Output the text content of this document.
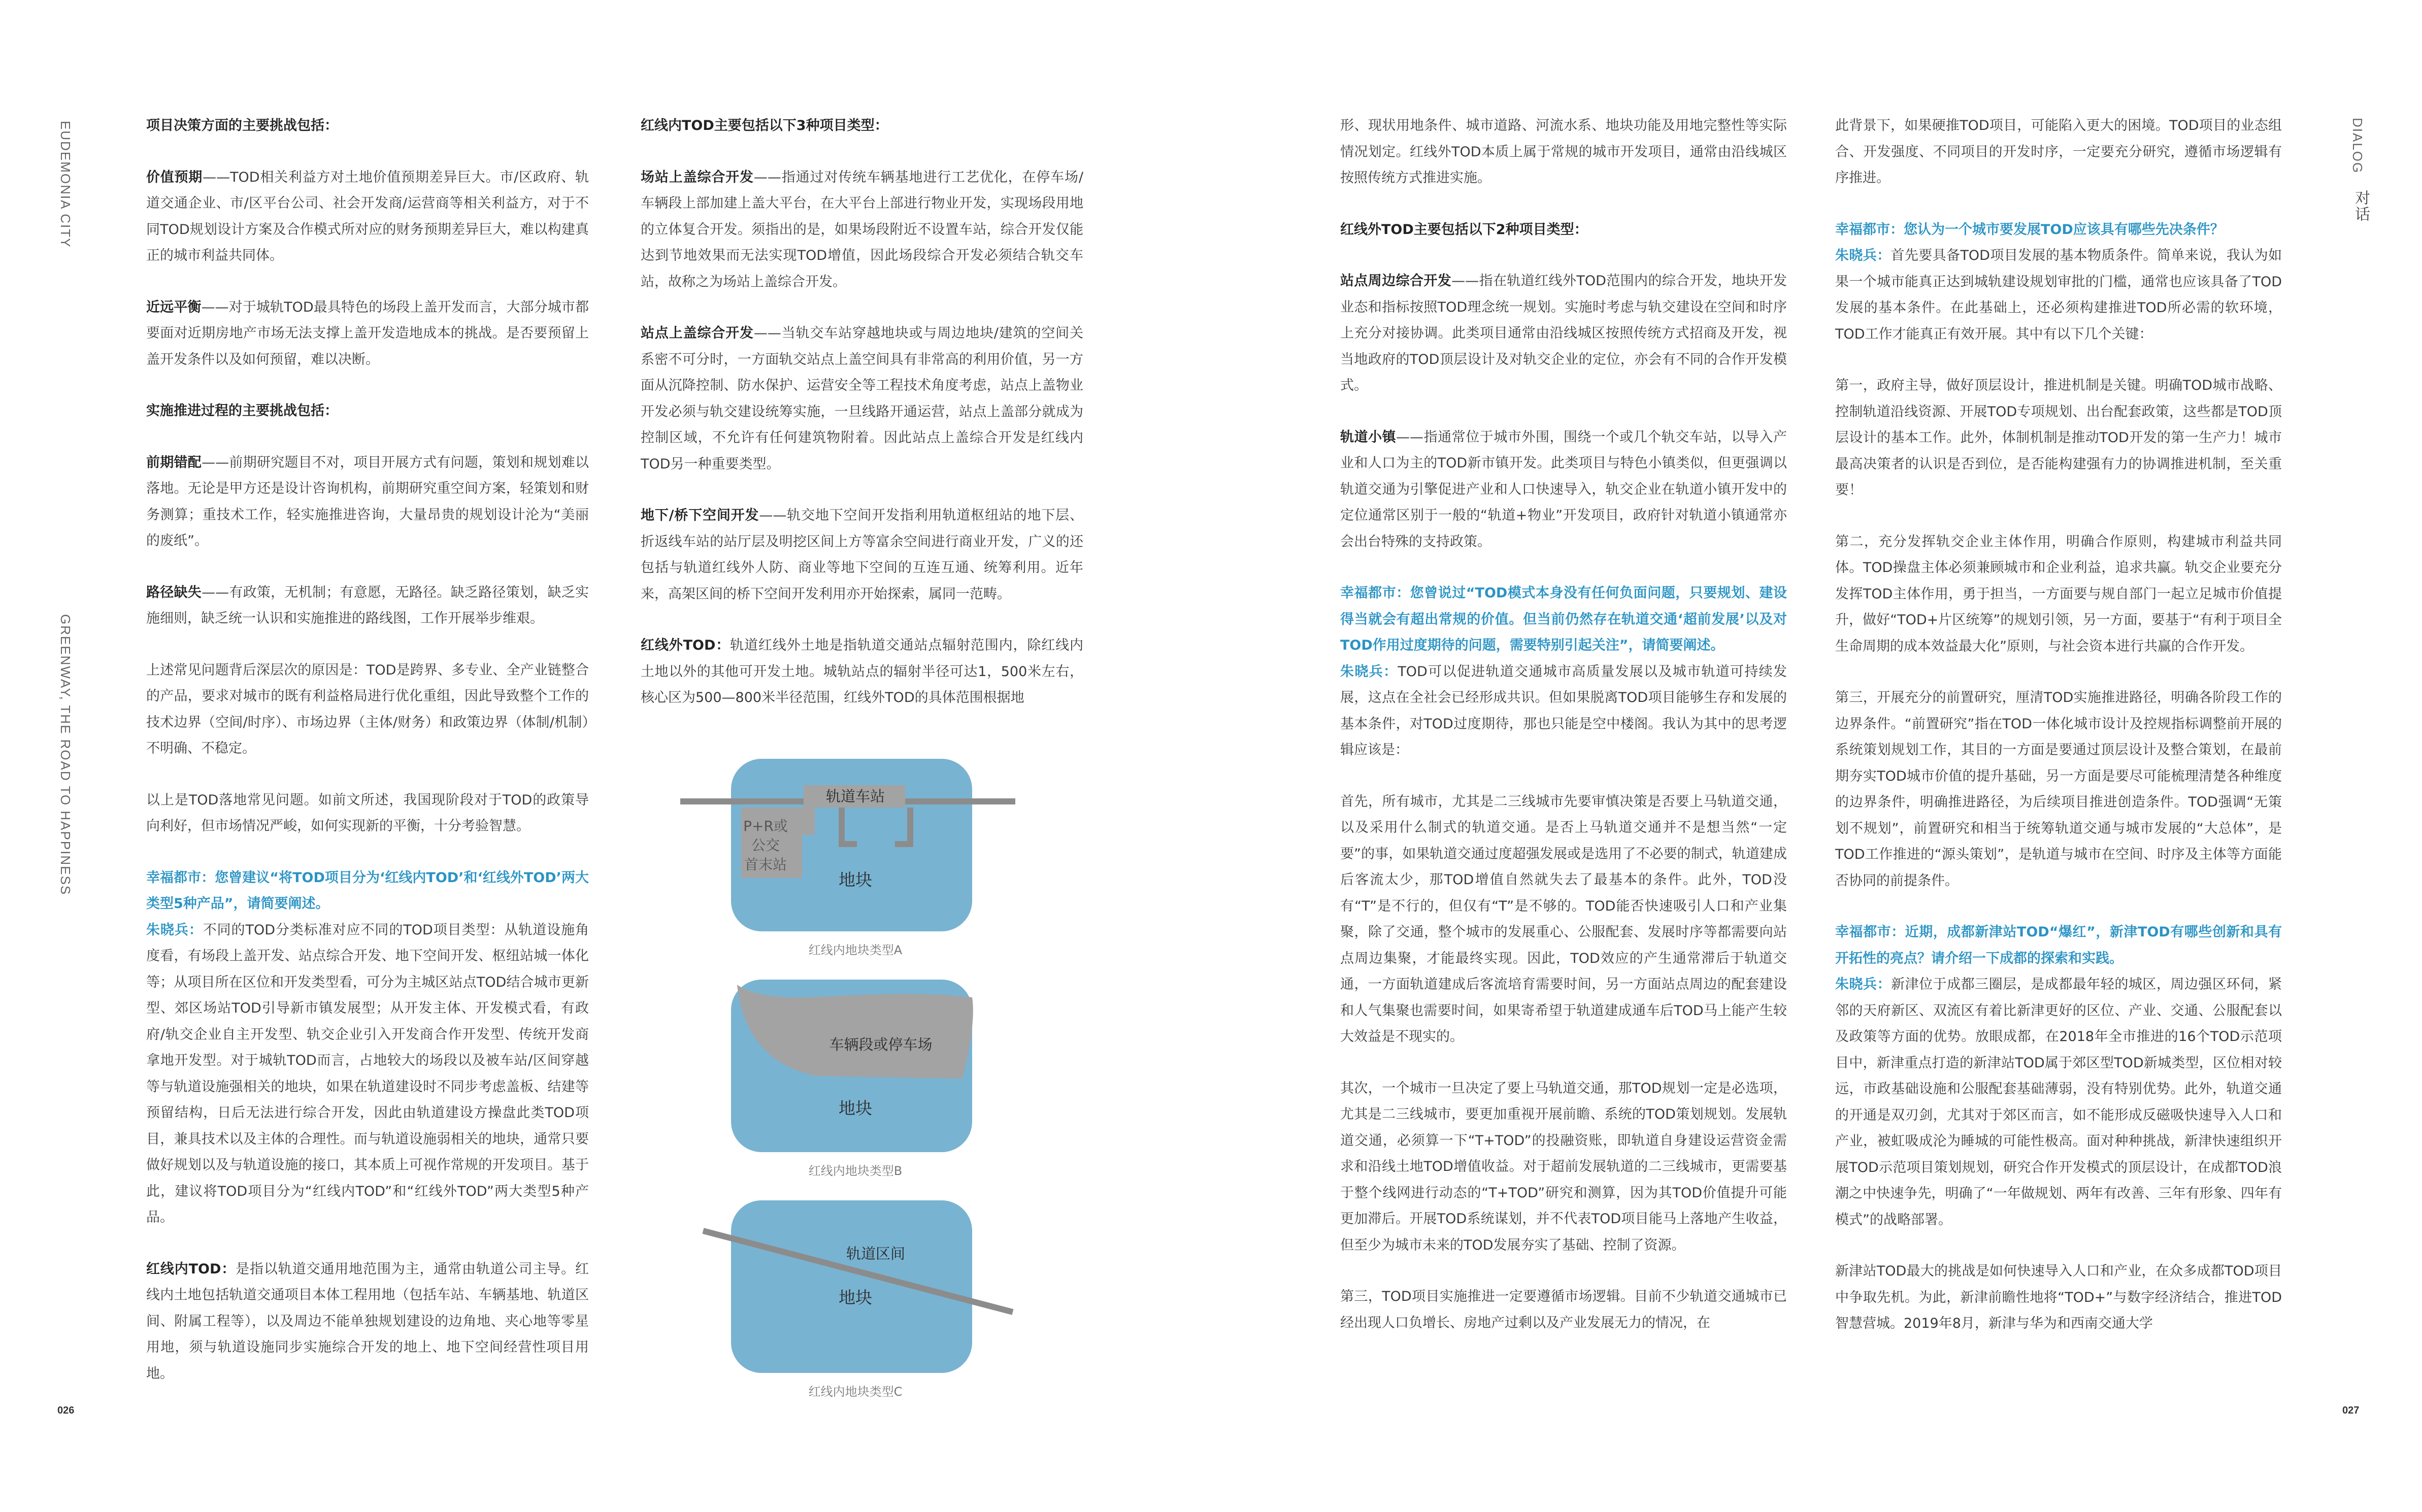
EUDEMONIA CITY
GREENWAY, THE ROAD TO HAPPINESS
DIALOG
对话
026	027

项目决策方面的主要挑战包括：

价值预期——TOD相关利益方对土地价值预期差异巨大。市/区政府、轨道交通企业、市/区平台公司、社会开发商/运营商等相关利益方，对于不同TOD规划设计方案及合作模式所对应的财务预期差异巨大，难以构建真正的城市利益共同体。

近远平衡——对于城轨TOD最具特色的场段上盖开发而言，大部分城市都要面对近期房地产市场无法支撑上盖开发造地成本的挑战。是否要预留上盖开发条件以及如何预留，难以决断。

实施推进过程的主要挑战包括：

前期错配——前期研究题目不对，项目开展方式有问题，策划和规划难以落地。无论是甲方还是设计咨询机构，前期研究重空间方案，轻策划和财务测算；重技术工作，轻实施推进咨询，大量昂贵的规划设计沦为“美丽的废纸”。

路径缺失——有政策，无机制；有意愿，无路径。缺乏路径策划，缺乏实施细则，缺乏统一认识和实施推进的路线图，工作开展举步维艰。

上述常见问题背后深层次的原因是：TOD是跨界、多专业、全产业链整合的产品，要求对城市的既有利益格局进行优化重组，因此导致整个工作的技术边界（空间/时序）、市场边界（主体/财务）和政策边界（体制/机制）不明确、不稳定。

以上是TOD落地常见问题。如前文所述，我国现阶段对于TOD的政策导向利好，但市场情况严峻，如何实现新的平衡，十分考验智慧。

幸福都市：您曾建议“将TOD项目分为‘红线内TOD’和‘红线外TOD’两大类型5种产品”，请简要阐述。

朱晓兵：不同的TOD分类标准对应不同的TOD项目类型：从轨道设施角度看，有场段上盖开发、站点综合开发、地下空间开发、枢纽站城一体化等；从项目所在区位和开发类型看，可分为主城区站点TOD结合城市更新型、郊区场站TOD引导新市镇发展型；从开发主体、开发模式看，有政府/轨交企业自主开发型、轨交企业引入开发商合作开发型、传统开发商拿地开发型。对于城轨TOD而言，占地较大的场段以及被车站/区间穿越等与轨道设施强相关的地块，如果在轨道建设时不同步考虑盖板、结建等预留结构，日后无法进行综合开发，因此由轨道建设方操盘此类TOD项目，兼具技术以及主体的合理性。而与轨道设施弱相关的地块，通常只要做好规划以及与轨道设施的接口，其本质上可视作常规的开发项目。基于此，建议将TOD项目分为“红线内TOD”和“红线外TOD”两大类型5种产品。

红线内TOD：是指以轨道交通用地范围为主，通常由轨道公司主导。红线内土地包括轨道交通项目本体工程用地（包括车站、车辆基地、轨道区间、附属工程等），以及周边不能单独规划建设的边角地、夹心地等零星用地，须与轨道设施同步实施综合开发的地上、地下空间经营性项目用地。

红线内TOD主要包括以下3种项目类型：

场站上盖综合开发——指通过对传统车辆基地进行工艺优化，在停车场/车辆段上部加建上盖大平台，在大平台上部进行物业开发，实现场段用地的立体复合开发。须指出的是，如果场段附近不设置车站，综合开发仅能达到节地效果而无法实现TOD增值，因此场段综合开发必须结合轨交车站，故称之为场站上盖综合开发。

站点上盖综合开发——当轨交车站穿越地块或与周边地块/建筑的空间关系密不可分时，一方面轨交站点上盖空间具有非常高的利用价值，另一方面从沉降控制、防水保护、运营安全等工程技术角度考虑，站点上盖物业开发必须与轨交建设统筹实施，一旦线路开通运营，站点上盖部分就成为控制区域，不允许有任何建筑物附着。因此站点上盖综合开发是红线内TOD另一种重要类型。

地下/桥下空间开发——轨交地下空间开发指利用轨道枢纽站的地下层、折返线车站的站厅层及明挖区间上方等富余空间进行商业开发，广义的还包括与轨道红线外人防、商业等地下空间的互连互通、统筹利用。近年来，高架区间的桥下空间开发利用亦开始探索，属同一范畴。

红线外TOD：轨道红线外土地是指轨道交通站点辐射范围内，除红线内土地以外的其他可开发土地。城轨站点的辐射半径可达1，500米左右，核心区为500—800米半径范围，红线外TOD的具体范围根据地

轨道车站
P+R或
公交
首末站
地块
红线内地块类型A
车辆段或停车场
地块
红线内地块类型B
轨道区间
地块
红线内地块类型C

形、现状用地条件、城市道路、河流水系、地块功能及用地完整性等实际情况划定。红线外TOD本质上属于常规的城市开发项目，通常由沿线城区按照传统方式推进实施。

红线外TOD主要包括以下2种项目类型：

站点周边综合开发——指在轨道红线外TOD范围内的综合开发，地块开发业态和指标按照TOD理念统一规划。实施时考虑与轨交建设在空间和时序上充分对接协调。此类项目通常由沿线城区按照传统方式招商及开发，视当地政府的TOD顶层设计及对轨交企业的定位，亦会有不同的合作开发模式。

轨道小镇——指通常位于城市外围，围绕一个或几个轨交车站，以导入产业和人口为主的TOD新市镇开发。此类项目与特色小镇类似，但更强调以轨道交通为引擎促进产业和人口快速导入，轨交企业在轨道小镇开发中的定位通常区别于一般的“轨道+物业”开发项目，政府针对轨道小镇通常亦会出台特殊的支持政策。

幸福都市：您曾说过“TOD模式本身没有任何负面问题，只要规划、建设得当就会有超出常规的价值。但当前仍然存在轨道交通‘超前发展’以及对TOD作用过度期待的问题，需要特别引起关注”，请简要阐述。

朱晓兵：TOD可以促进轨道交通城市高质量发展以及城市轨道可持续发展，这点在全社会已经形成共识。但如果脱离TOD项目能够生存和发展的基本条件，对TOD过度期待，那也只能是空中楼阁。我认为其中的思考逻辑应该是：

首先，所有城市，尤其是二三线城市先要审慎决策是否要上马轨道交通，以及采用什么制式的轨道交通。是否上马轨道交通并不是想当然“一定要”的事，如果轨道交通过度超强发展或是选用了不必要的制式，轨道建成后客流太少，那TOD增值自然就失去了最基本的条件。此外，TOD没有“T”是不行的，但仅有“T”是不够的。TOD能否快速吸引人口和产业集聚，除了交通，整个城市的发展重心、公服配套、发展时序等都需要向站点周边集聚，才能最终实现。因此，TOD效应的产生通常滞后于轨道交通，一方面轨道建成后客流培育需要时间，另一方面站点周边的配套建设和人气集聚也需要时间，如果寄希望于轨道建成通车后TOD马上能产生较大效益是不现实的。

其次，一个城市一旦决定了要上马轨道交通，那TOD规划一定是必选项，尤其是二三线城市，要更加重视开展前瞻、系统的TOD策划规划。发展轨道交通，必须算一下“T+TOD”的投融资账，即轨道自身建设运营资金需求和沿线土地TOD增值收益。对于超前发展轨道的二三线城市，更需要基于整个线网进行动态的“T+TOD”研究和测算，因为其TOD价值提升可能更加滞后。开展TOD系统谋划，并不代表TOD项目能马上落地产生收益，但至少为城市未来的TOD发展夯实了基础、控制了资源。

第三，TOD项目实施推进一定要遵循市场逻辑。目前不少轨道交通城市已经出现人口负增长、房地产过剩以及产业发展无力的情况，在

此背景下，如果硬推TOD项目，可能陷入更大的困境。TOD项目的业态组合、开发强度、不同项目的开发时序，一定要充分研究，遵循市场逻辑有序推进。

幸福都市：您认为一个城市要发展TOD应该具有哪些先决条件？

朱晓兵：首先要具备TOD项目发展的基本物质条件。简单来说，我认为如果一个城市能真正达到城轨建设规划审批的门槛，通常也应该具备了TOD发展的基本条件。在此基础上，还必须构建推进TOD所必需的软环境，TOD工作才能真正有效开展。其中有以下几个关键：

第一，政府主导，做好顶层设计，推进机制是关键。明确TOD城市战略、控制轨道沿线资源、开展TOD专项规划、出台配套政策，这些都是TOD顶层设计的基本工作。此外，体制机制是推动TOD开发的第一生产力！城市最高决策者的认识是否到位，是否能构建强有力的协调推进机制，至关重要！

第二，充分发挥轨交企业主体作用，明确合作原则，构建城市利益共同体。TOD操盘主体必须兼顾城市和企业利益，追求共赢。轨交企业要充分发挥TOD主体作用，勇于担当，一方面要与规自部门一起立足城市价值提升，做好“TOD+片区统筹”的规划引领，另一方面，要基于“有利于项目全生命周期的成本效益最大化”原则，与社会资本进行共赢的合作开发。

第三，开展充分的前置研究，厘清TOD实施推进路径，明确各阶段工作的边界条件。“前置研究”指在TOD一体化城市设计及控规指标调整前开展的系统策划规划工作，其目的一方面是要通过顶层设计及整合策划，在最前期夯实TOD城市价值的提升基础，另一方面是要尽可能梳理清楚各种维度的边界条件，明确推进路径，为后续项目推进创造条件。TOD强调“无策划不规划”，前置研究和相当于统筹轨道交通与城市发展的“大总体”，是TOD工作推进的“源头策划”，是轨道与城市在空间、时序及主体等方面能否协同的前提条件。

幸福都市：近期，成都新津站TOD“爆红”，新津TOD有哪些创新和具有开拓性的亮点？请介绍一下成都的探索和实践。

朱晓兵：新津位于成都三圈层，是成都最年轻的城区，周边强区环伺，紧邻的天府新区、双流区有着比新津更好的区位、产业、交通、公服配套以及政策等方面的优势。放眼成都，在2018年全市推进的16个TOD示范项目中，新津重点打造的新津站TOD属于郊区型TOD新城类型，区位相对较远，市政基础设施和公服配套基础薄弱，没有特别优势。此外，轨道交通的开通是双刃剑，尤其对于郊区而言，如不能形成反磁吸快速导入人口和产业，被虹吸成沦为睡城的可能性极高。面对种种挑战，新津快速组织开展TOD示范项目策划规划，研究合作开发模式的顶层设计，在成都TOD浪潮之中快速争先，明确了“一年做规划、两年有改善、三年有形象、四年有模式”的战略部署。

新津站TOD最大的挑战是如何快速导入人口和产业，在众多成都TOD项目中争取先机。为此，新津前瞻性地将“TOD+”与数字经济结合，推进TOD智慧营城。2019年8月，新津与华为和西南交通大学
